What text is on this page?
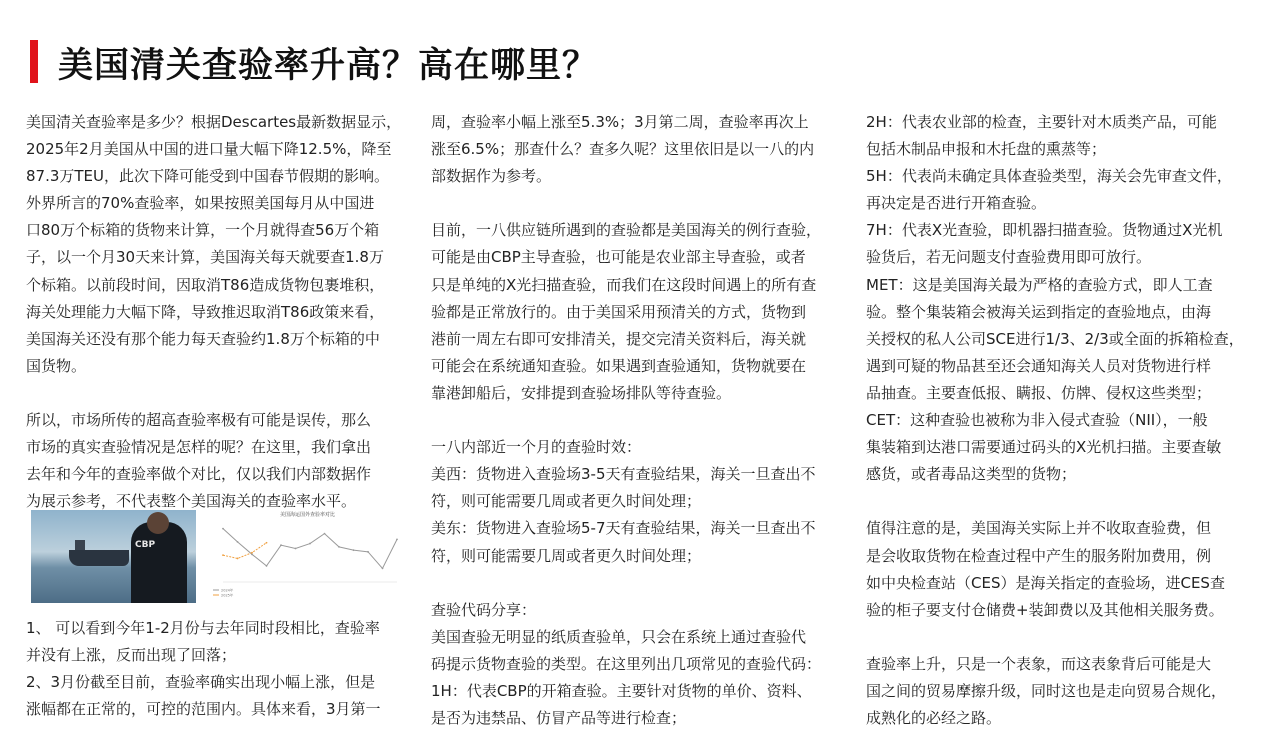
美国清关查验率升高？高在哪里？

美国清关查验率是多少？根据Descartes最新数据显示，

2025年2月美国从中国的进口量大幅下降12.5%，降至

87.3万TEU，此次下降可能受到中国春节假期的影响。

外界所言的70%查验率，如果按照美国每月从中国进

口80万个标箱的货物来计算，一个月就得查56万个箱

子，以一个月30天来计算，美国海关每天就要查1.8万

个标箱。以前段时间，因取消T86造成货物包裹堆积，

海关处理能力大幅下降，导致推迟取消T86政策来看，

美国海关还没有那个能力每天查验约1.8万个标箱的中

国货物。

所以，市场所传的超高查验率极有可能是误传，那么

市场的真实查验情况是怎样的呢？在这里，我们拿出

去年和今年的查验率做个对比，仅以我们内部数据作

为展示参考，不代表整个美国海关的查验率水平。

CBP
美国海运国外查验率对比
2024年
2025年

1、 可以看到今年1-2月份与去年同时段相比，查验率

并没有上涨，反而出现了回落；

2、3月份截至目前，查验率确实出现小幅上涨，但是

涨幅都在正常的，可控的范围内。具体来看，3月第一

周，查验率小幅上涨至5.3%；3月第二周，查验率再次上

涨至6.5%；那查什么？查多久呢？这里依旧是以一八的内

部数据作为参考。

目前，一八供应链所遇到的查验都是美国海关的例行查验，

可能是由CBP主导查验，也可能是农业部主导查验，或者

只是单纯的X光扫描查验，而我们在这段时间遇上的所有查

验都是正常放行的。由于美国采用预清关的方式，货物到

港前一周左右即可安排清关，提交完清关资料后，海关就

可能会在系统通知查验。如果遇到查验通知，货物就要在

靠港卸船后，安排提到查验场排队等待查验。

一八内部近一个月的查验时效：

美西：货物进入查验场3-5天有查验结果，海关一旦查出不

符，则可能需要几周或者更久时间处理；

美东：货物进入查验场5-7天有查验结果，海关一旦查出不

符，则可能需要几周或者更久时间处理；

查验代码分享：

美国查验无明显的纸质查验单，只会在系统上通过查验代

码提示货物查验的类型。在这里列出几项常见的查验代码：

1H：代表CBP的开箱查验。主要针对货物的单价、资料、

是否为违禁品、仿冒产品等进行检查；

2H：代表农业部的检查，主要针对木质类产品，可能

包括木制品申报和木托盘的熏蒸等；

5H：代表尚未确定具体查验类型，海关会先审查文件，

再决定是否进行开箱查验。

7H：代表X光查验，即机器扫描查验。货物通过X光机

验货后，若无问题支付查验费用即可放行。

MET：这是美国海关最为严格的查验方式，即人工查

验。整个集装箱会被海关运到指定的查验地点，由海

关授权的私人公司SCE进行1/3、2/3或全面的拆箱检查，

遇到可疑的物品甚至还会通知海关人员对货物进行样

品抽查。主要查低报、瞒报、仿牌、侵权这些类型；

CET：这种查验也被称为非入侵式查验（NII），一般

集装箱到达港口需要通过码头的X光机扫描。主要查敏

感货，或者毒品这类型的货物；

值得注意的是，美国海关实际上并不收取查验费，但

是会收取货物在检查过程中产生的服务附加费用，例

如中央检查站（CES）是海关指定的查验场，进CES查

验的柜子要支付仓储费+装卸费以及其他相关服务费。

查验率上升，只是一个表象，而这表象背后可能是大

国之间的贸易摩擦升级，同时这也是走向贸易合规化，

成熟化的必经之路。
